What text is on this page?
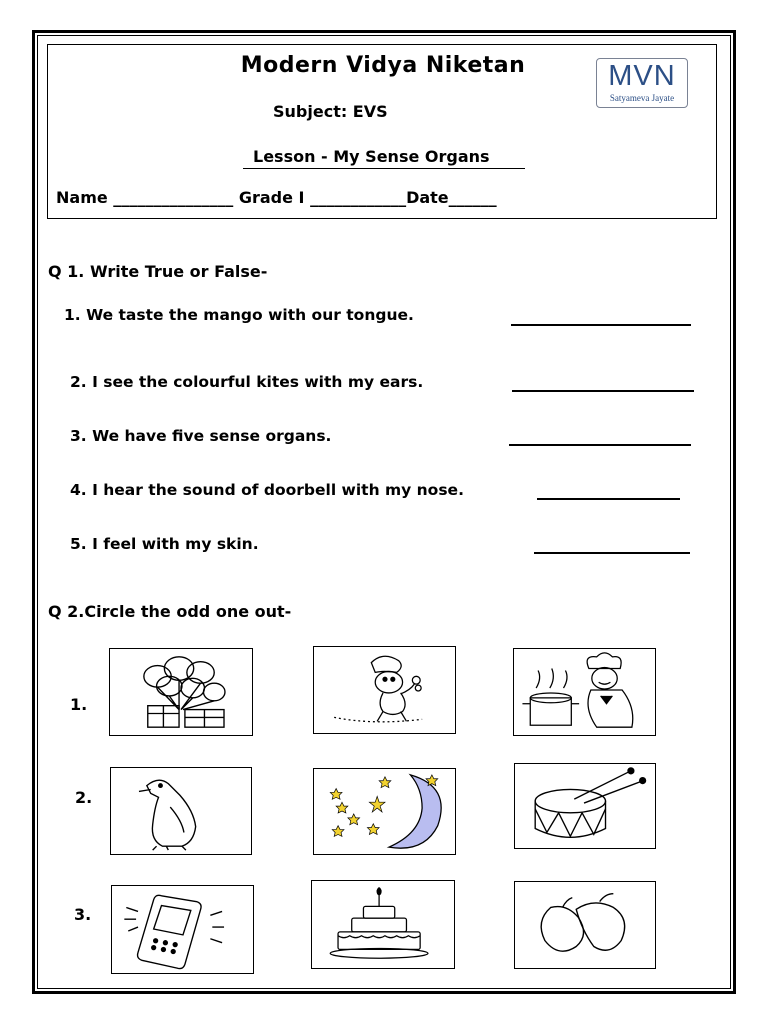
Modern Vidya Niketan
Subject: EVS
Lesson - My Sense Organs
Name _______________ Grade I ____________Date______
MVN
Satyameva Jayate
Q 1. Write True or False-
1. We taste the mango with our tongue.
2. I see the colourful kites with my ears.
3. We have five sense organs.
4. I hear the sound of doorbell with my nose.
5. I feel with my skin.
Q 2.Circle the odd one out-
1.
2.
3.
